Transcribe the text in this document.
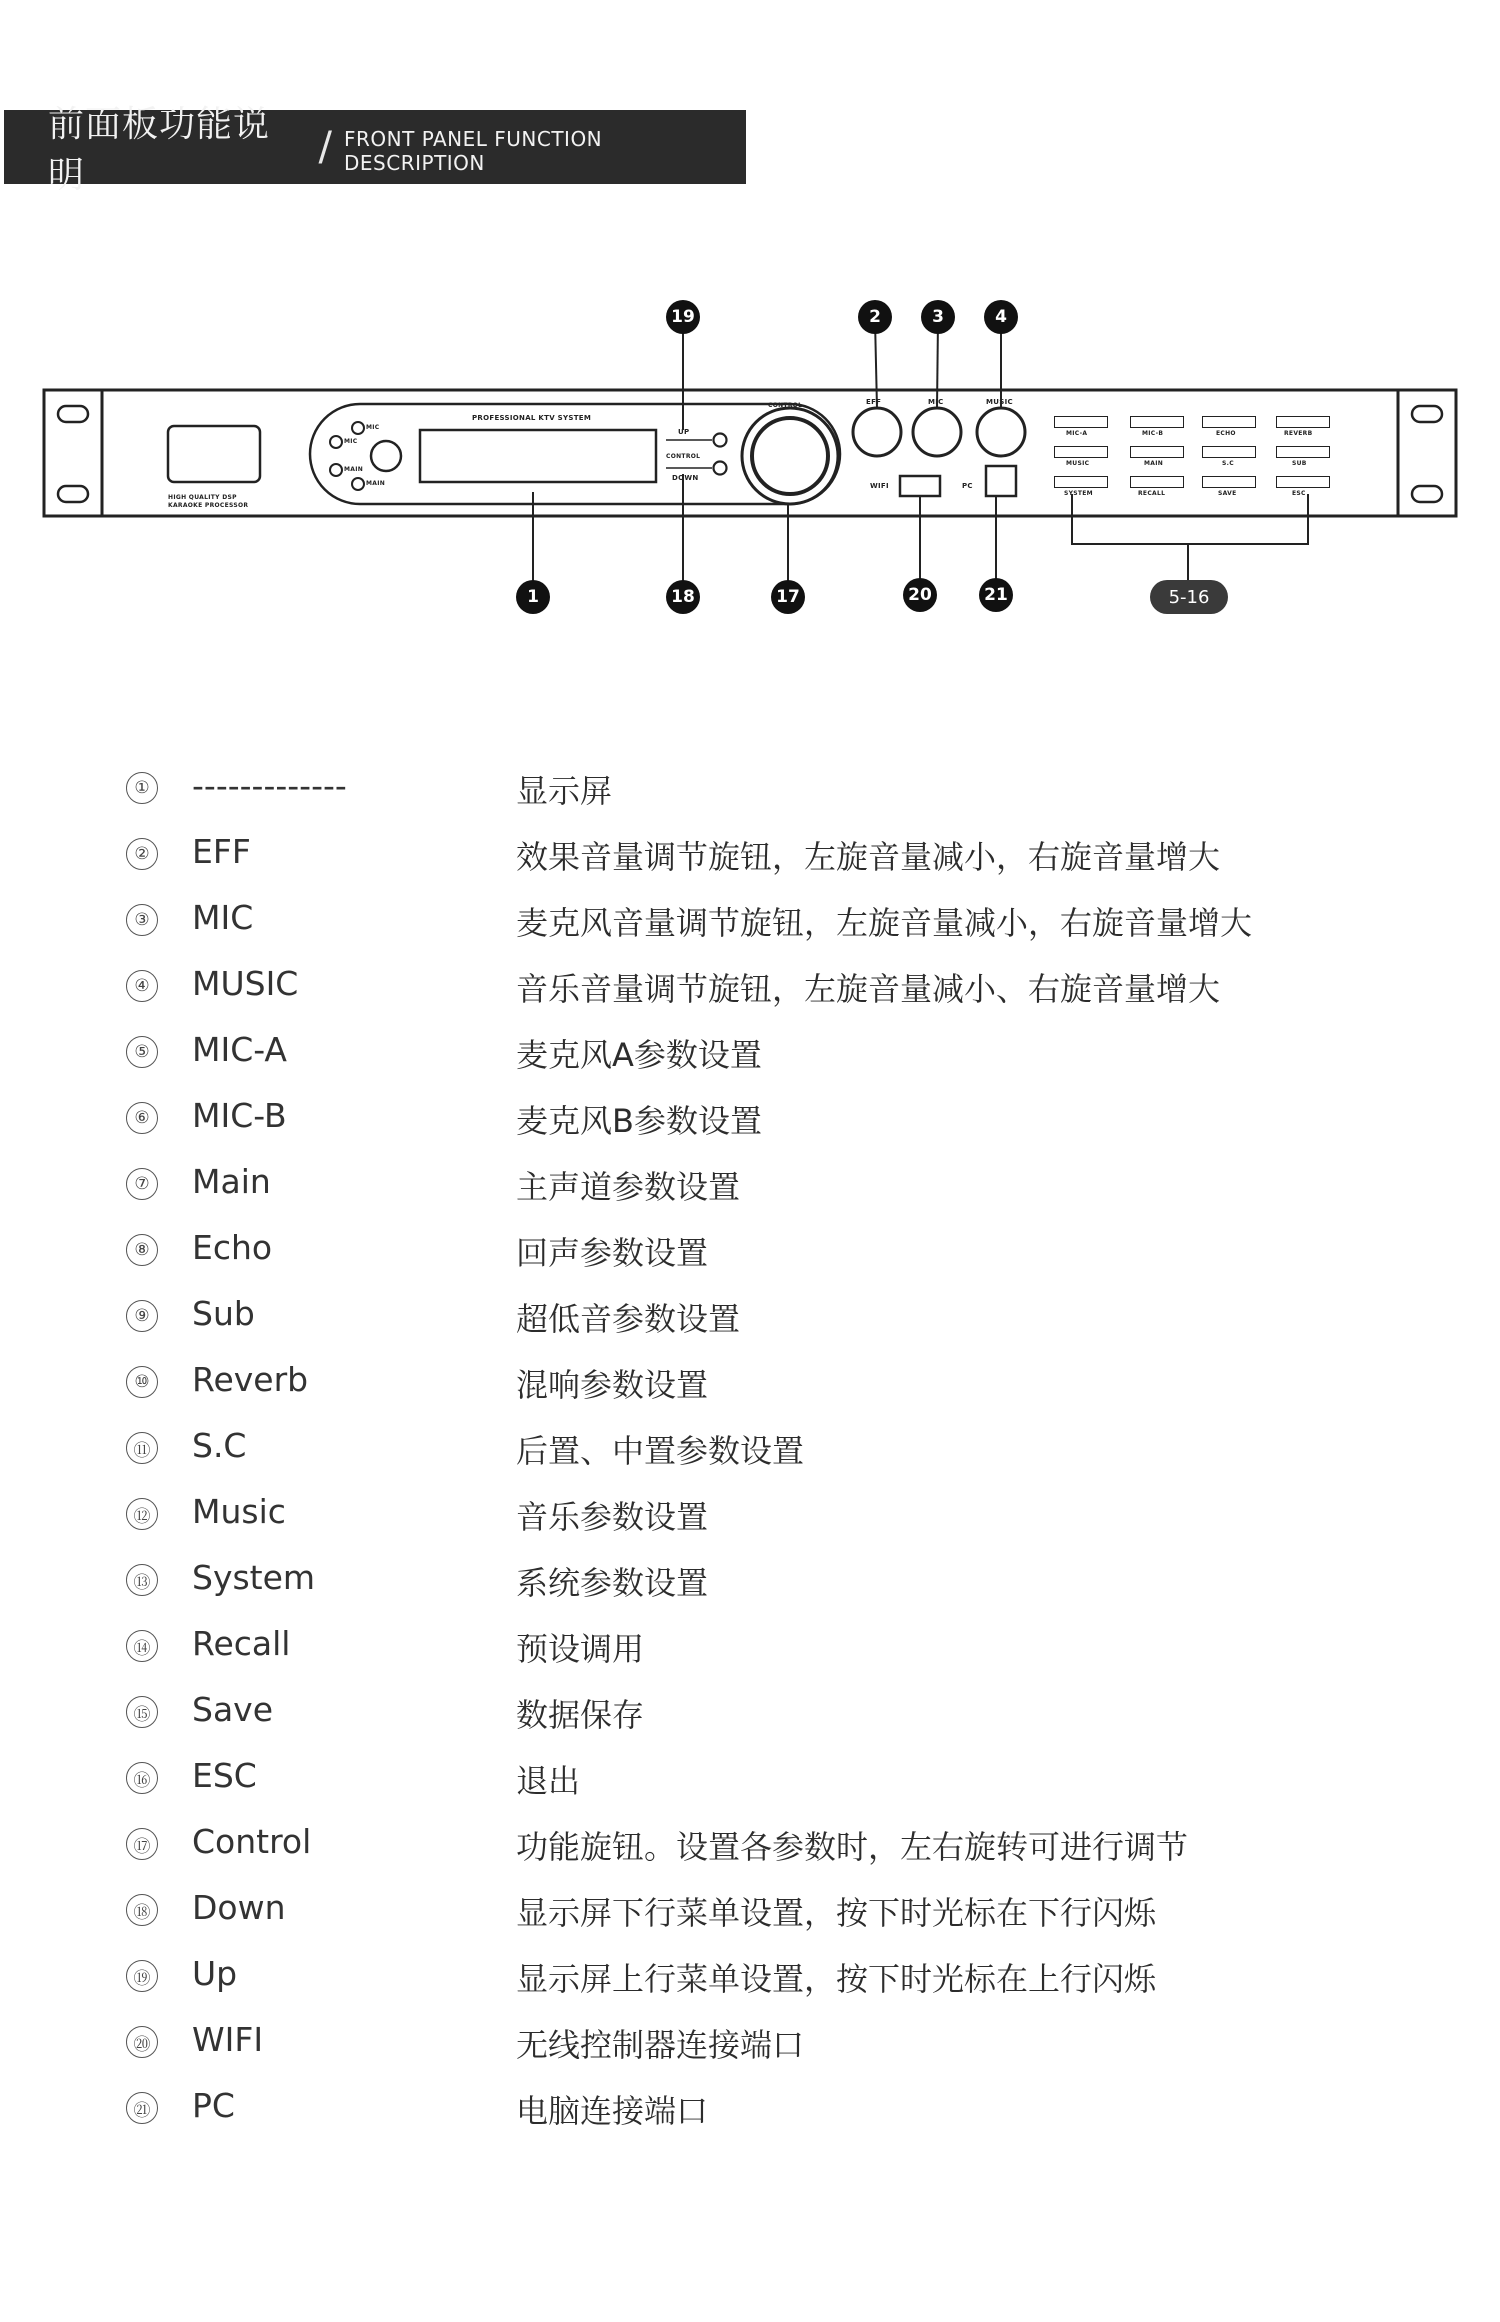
前面板功能说明
/ FRONT PANEL FUNCTION DESCRIPTION
PROFESSIONAL KTV SYSTEM
HIGH QUALITY DSP
KARAOKE PROCESSOR
MIC
MIC
MAIN
MAIN
UP
CONTROL
DOWN
CONTROL	EFF	MIC	MUSIC
WIFI	PC
MIC-A	MIC-B	ECHO	REVERB
MUSIC	MAIN	S.C	SUB
SYSTEM	RECALL	SAVE	ESC
19	2	3	4
1	18	17	20	21	5-16
① -------------	显示屏
② EFF	效果音量调节旋钮，左旋音量减小，右旋音量增大
③ MIC	麦克风音量调节旋钮，左旋音量减小，右旋音量增大
④ MUSIC	音乐音量调节旋钮，左旋音量减小、右旋音量增大
⑤ MIC-A	麦克风A参数设置
⑥ MIC-B	麦克风B参数设置
⑦ Main	主声道参数设置
⑧ Echo	回声参数设置
⑨ Sub	超低音参数设置
⑩ Reverb	混响参数设置
⑪ S.C	后置、中置参数设置
⑫ Music	音乐参数设置
⑬ System	系统参数设置
⑭ Recall	预设调用
⑮ Save	数据保存
⑯ ESC	退出
⑰ Control	功能旋钮。设置各参数时，左右旋转可进行调节
⑱ Down	显示屏下行菜单设置，按下时光标在下行闪烁
⑲ Up	显示屏上行菜单设置，按下时光标在上行闪烁
⑳ WIFI	无线控制器连接端口
㉑ PC	电脑连接端口
